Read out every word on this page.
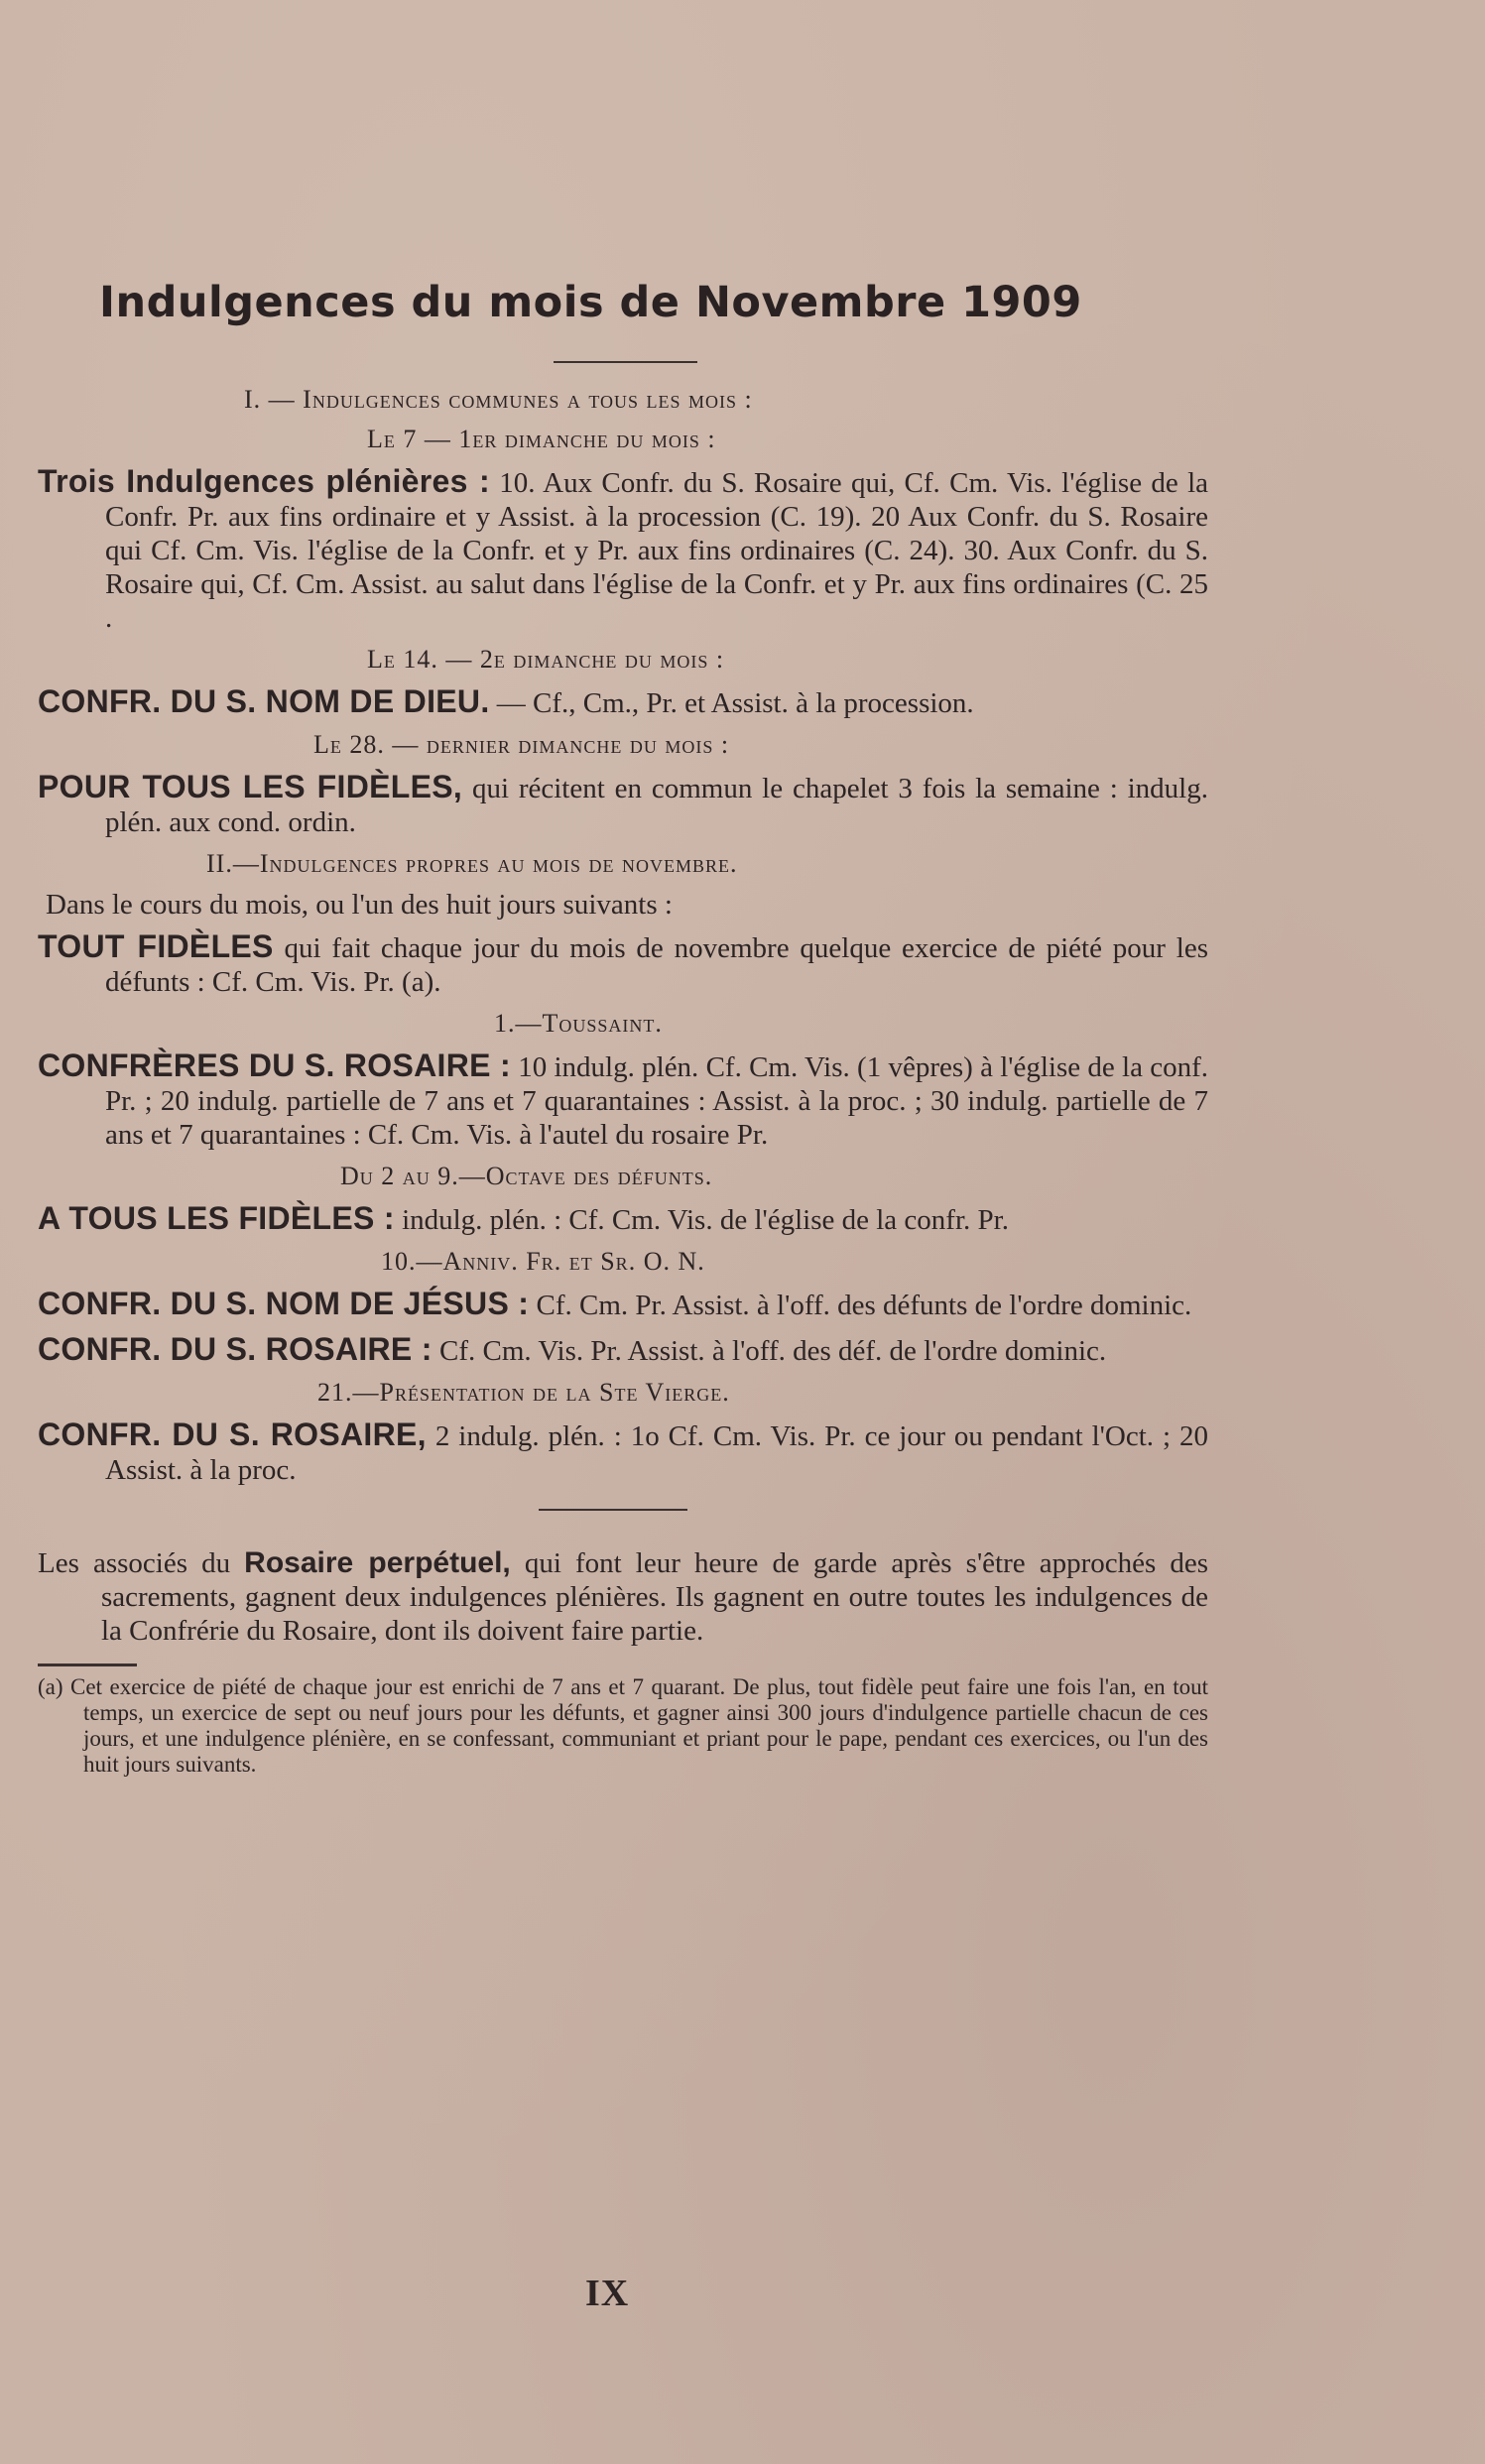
Indulgences du mois de Novembre 1909
I. — Indulgences communes a tous les mois :
Le 7 — 1er dimanche du mois :

Trois Indulgences plénières : 10. Aux Confr. du S. Rosaire qui, Cf. Cm. Vis. l'église de la Confr. Pr. aux fins ordinaire et y Assist. à la procession (C. 19). 20 Aux Confr. du S. Rosaire qui Cf. Cm. Vis. l'église de la Confr. et y Pr. aux fins ordinaires (C. 24). 30. Aux Confr. du S. Rosaire qui, Cf. Cm. Assist. au salut dans l'église de la Confr. et y Pr. aux fins ordinaires (C. 25 .

Le 14. — 2e dimanche du mois :

CONFR. DU S. NOM DE DIEU. — Cf., Cm., Pr. et Assist. à la procession.

Le 28. — dernier dimanche du mois :

POUR TOUS LES FIDÈLES, qui récitent en commun le chapelet 3 fois la semaine : indulg. plén. aux cond. ordin.

II.—Indulgences propres au mois de novembre.
Dans le cours du mois, ou l'un des huit jours suivants :

TOUT FIDÈLES qui fait chaque jour du mois de novembre quelque exercice de piété pour les défunts : Cf. Cm. Vis. Pr. (a).

1.—Toussaint.

CONFRÈRES DU S. ROSAIRE : 10 indulg. plén. Cf. Cm. Vis. (1 vêpres) à l'église de la conf. Pr. ; 20 indulg. partielle de 7 ans et 7 quarantaines : Assist. à la proc. ; 30 indulg. partielle de 7 ans et 7 quarantaines : Cf. Cm. Vis. à l'autel du rosaire Pr.

Du 2 au 9.—Octave des défunts.

A TOUS LES FIDÈLES : indulg. plén. : Cf. Cm. Vis. de l'église de la confr. Pr.

10.—Anniv. Fr. et Sr. O. N.

CONFR. DU S. NOM DE JÉSUS : Cf. Cm. Pr. Assist. à l'off. des défunts de l'ordre dominic.

CONFR. DU S. ROSAIRE : Cf. Cm. Vis. Pr. Assist. à l'off. des déf. de l'ordre dominic.

21.—Présentation de la Ste Vierge.

CONFR. DU S. ROSAIRE, 2 indulg. plén. : 1o Cf. Cm. Vis. Pr. ce jour ou pendant l'Oct. ; 20 Assist. à la proc.

Les associés du Rosaire perpétuel, qui font leur heure de garde après s'être approchés des sacrements, gagnent deux indulgences plénières. Ils gagnent en outre toutes les indulgences de la Confrérie du Rosaire, dont ils doivent faire partie.

(a) Cet exercice de piété de chaque jour est enrichi de 7 ans et 7 quarant. De plus, tout fidèle peut faire une fois l'an, en tout temps, un exercice de sept ou neuf jours pour les défunts, et gagner ainsi 300 jours d'indulgence partielle chacun de ces jours, et une indulgence plénière, en se confessant, communiant et priant pour le pape, pendant ces exercices, ou l'un des huit jours suivants.

IX
